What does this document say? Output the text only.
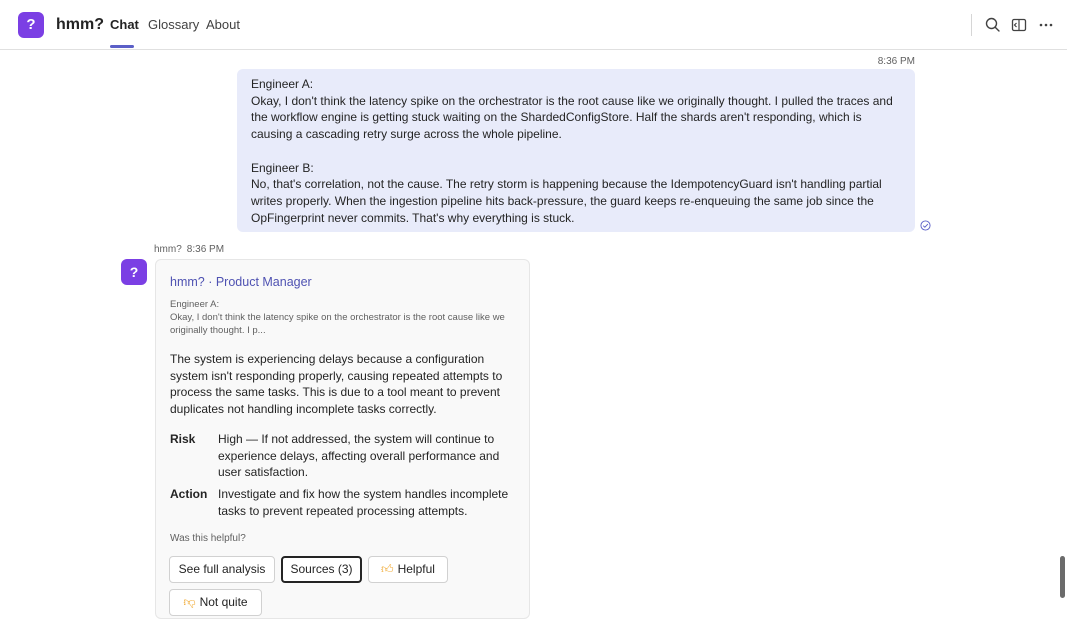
?	hmm? Chat Glossary About
8:36 PM

Engineer A:

Okay, I don't think the latency spike on the orchestrator is the root cause like we originally thought. I pulled the traces and the workflow engine is getting stuck waiting on the ShardedConfigStore. Half the shards aren't responding, which is causing a cascading retry surge across the whole pipeline.

Engineer B:

No, that's correlation, not the cause. The retry storm is happening because the IdempotencyGuard isn't handling partial writes properly. When the ingestion pipeline hits back-pressure, the guard keeps re-enqueuing the same job since the OpFingerprint never commits. That's why everything is stuck.

hmm? 8:36 PM
?
hmm? · Product Manager
Engineer A:
Okay, I don't think the latency spike on the orchestrator is the root cause like we originally thought. I p...
The system is experiencing delays because a configuration system isn't responding properly, causing repeated attempts to process the same tasks. This is due to a tool meant to prevent duplicates not handling incomplete tasks correctly.
Risk High — If not addressed, the system will continue to experience delays, affecting overall performance and user satisfaction.
Action Investigate and fix how the system handles incomplete tasks to prevent repeated processing attempts.
Was this helpful?
See full analysis	Sources (3)	👍︎ Helpful
👎︎ Not quite
